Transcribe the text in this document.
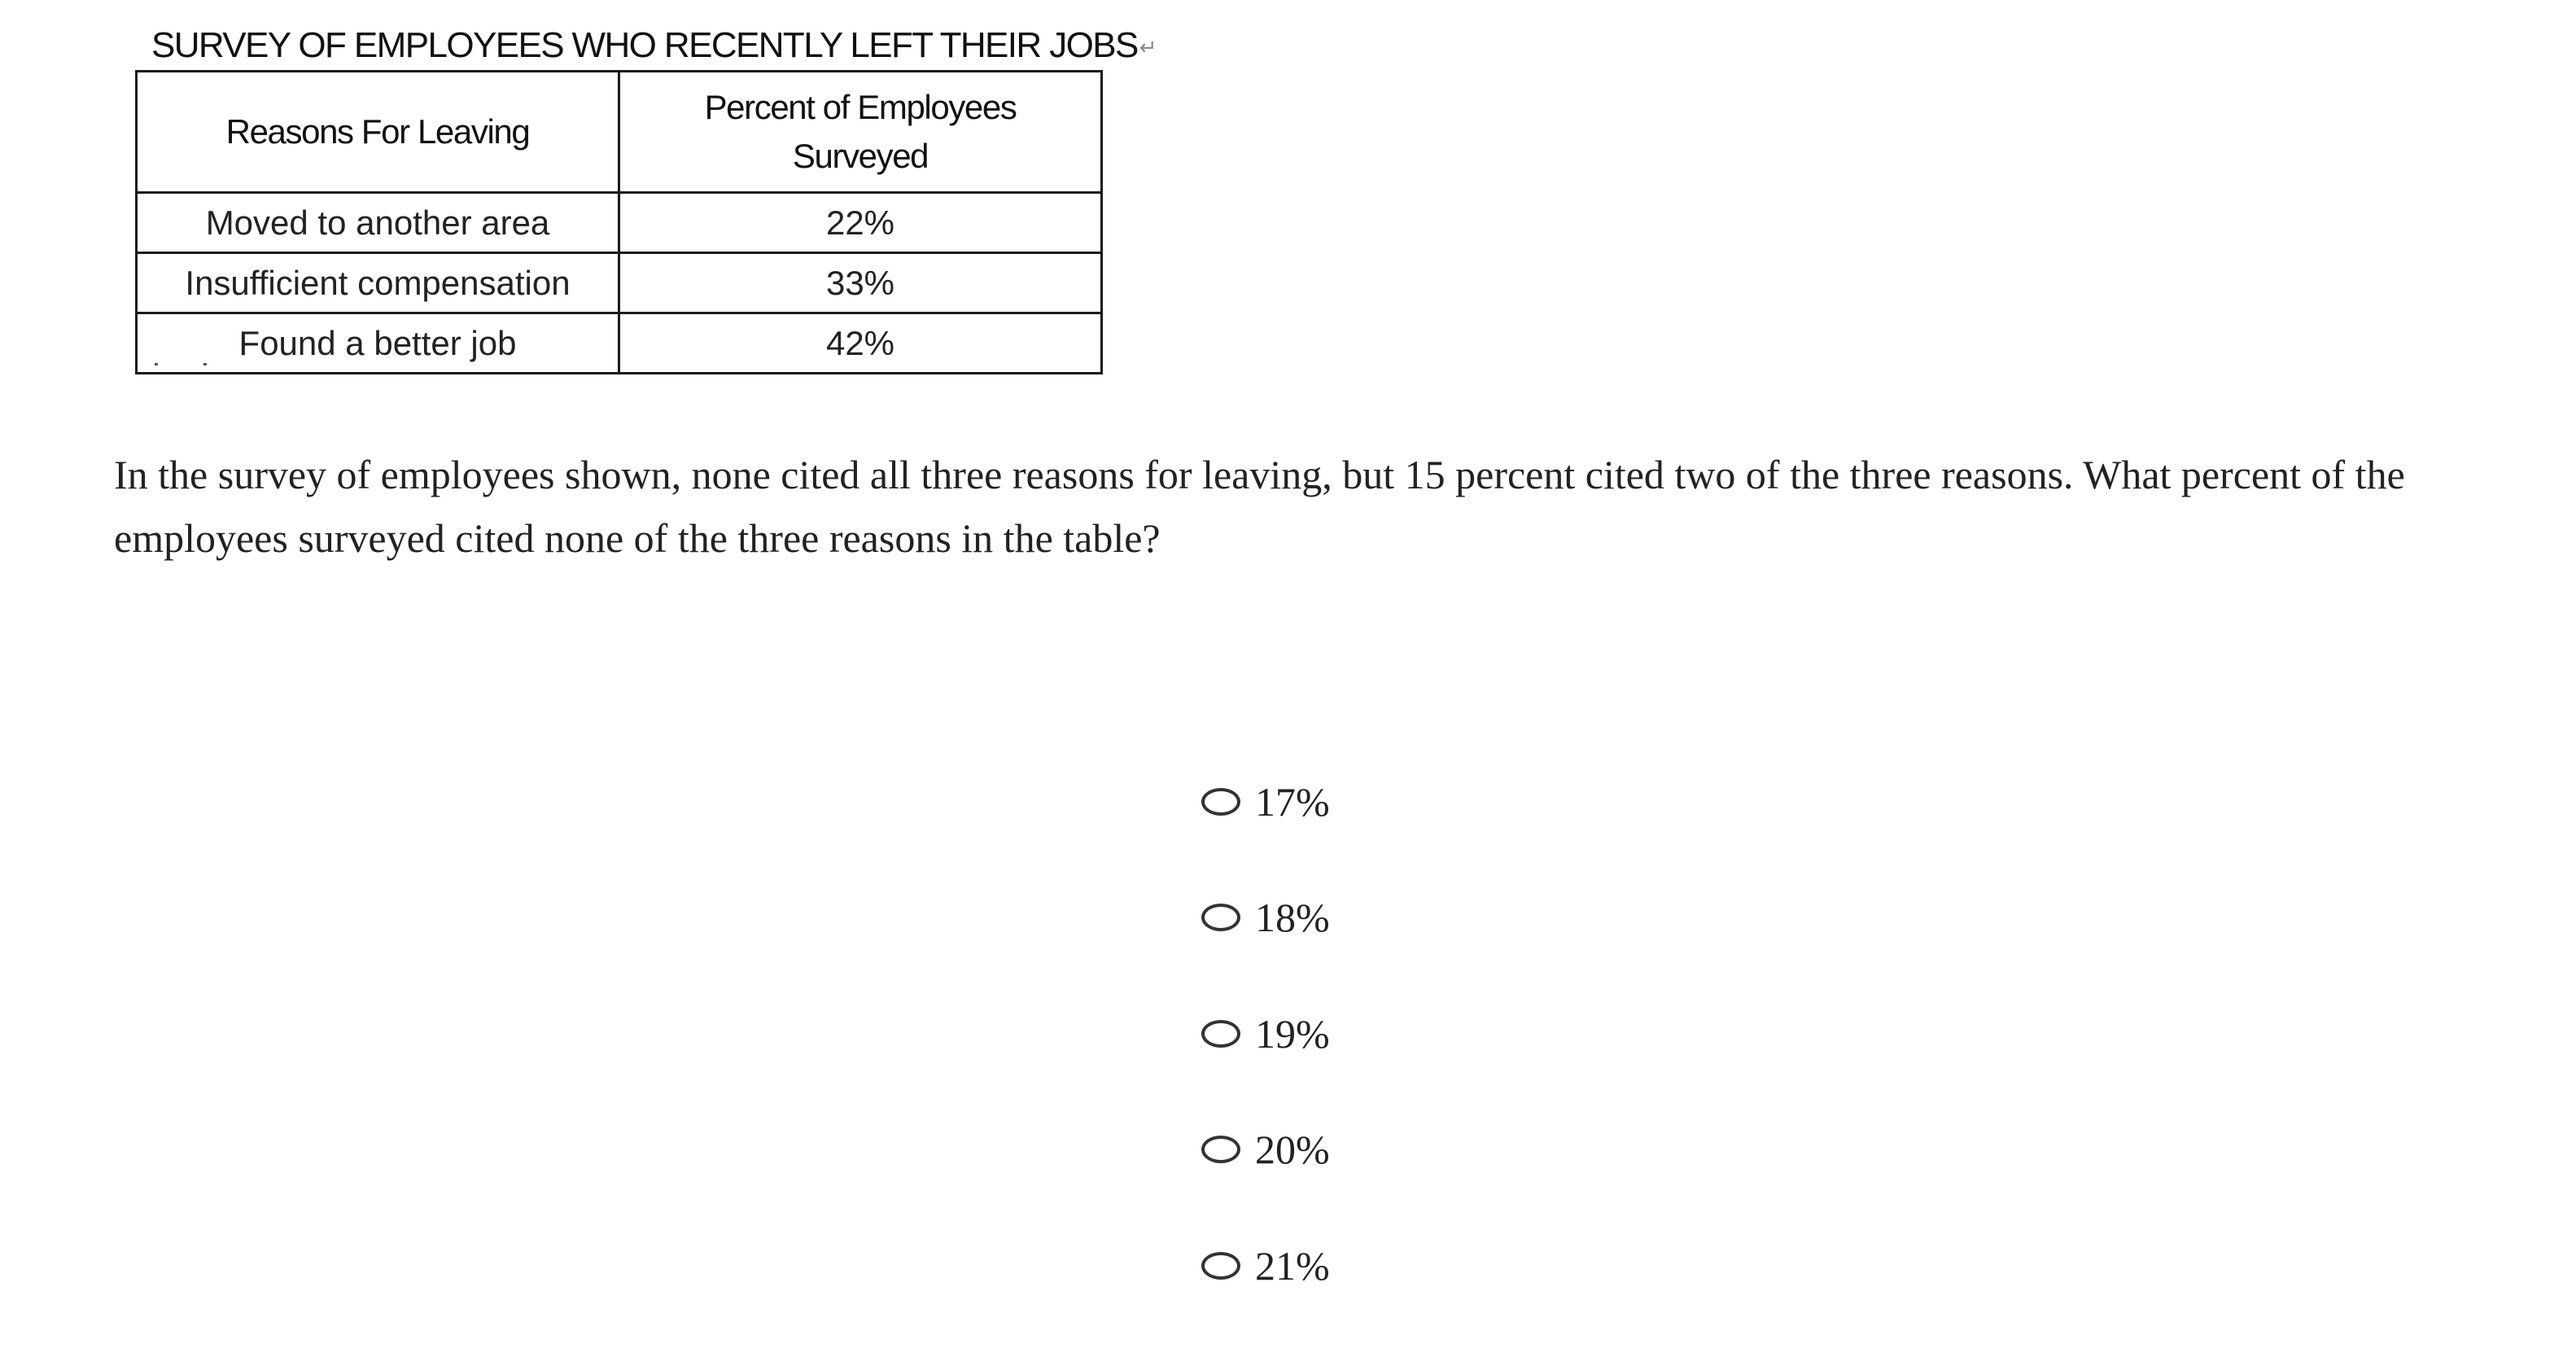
SURVEY OF EMPLOYEES WHO RECENTLY LEFT THEIR JOBS↵
Reasons For Leaving	Percent of Employees
Surveyed
Moved to another area	22%
Insufficient compensation	33%
Found a better job	42%
In the survey of employees shown, none cited all three reasons for leaving, but 15 percent cited two of the three reasons. What percent of the employees surveyed cited none of the three reasons in the table?
17%
18%
19%
20%
21%
